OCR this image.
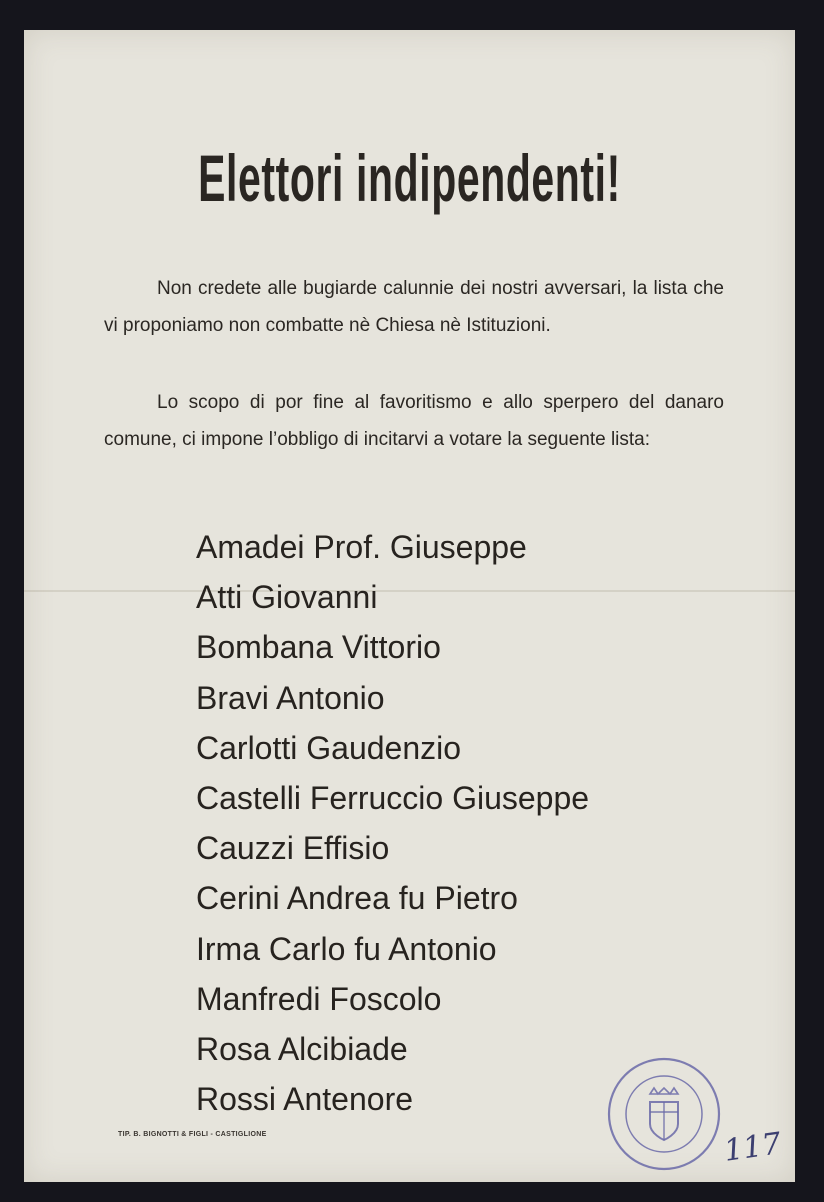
Elettori indipendenti!
Non credete alle bugiarde calunnie dei nostri avversari, la lista che vi proponiamo non combatte nè Chiesa nè Istituzioni.
Lo scopo di por fine al favoritismo e allo sperpero del danaro comune, ci impone l’obbligo di incitarvi a votare la seguente lista:
Amadei Prof. Giuseppe
Atti Giovanni
Bombana Vittorio
Bravi Antonio
Carlotti Gaudenzio
Castelli Ferruccio Giuseppe
Cauzzi Effisio
Cerini Andrea fu Pietro
Irma Carlo fu Antonio
Manfredi Foscolo
Rosa Alcibiade
Rossi Antenore
TIP. B. BIGNOTTI & FIGLI - CASTIGLIONE	117
